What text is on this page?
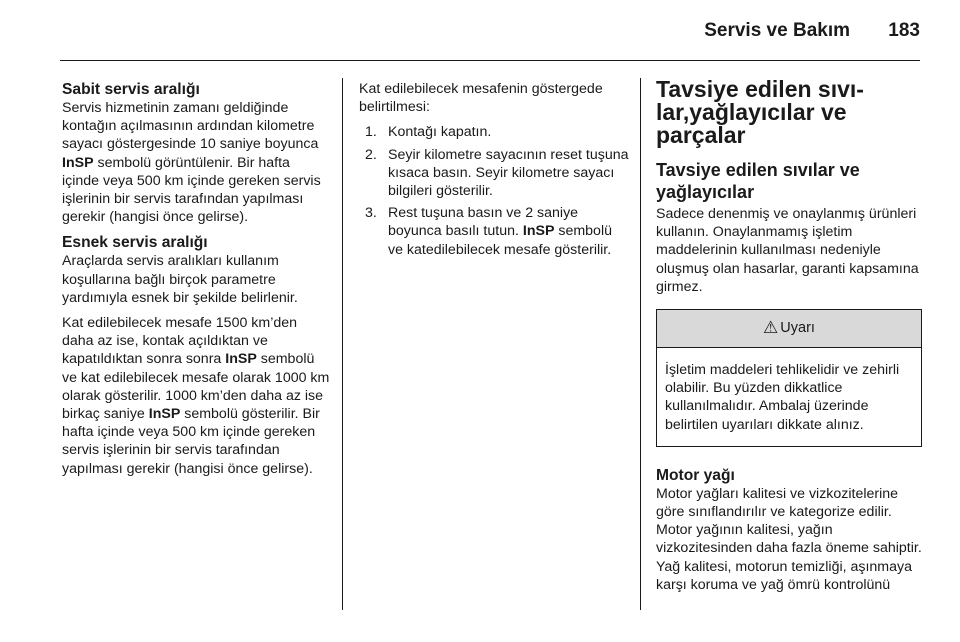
Servis ve Bakım	183

Sabit servis aralığı

Servis hizmetinin zamanı geldiğinde kontağın açılmasının ardından kilometre sayacı göstergesinde 10 saniye boyunca InSP sembolü görüntülenir. Bir hafta içinde veya 500 km içinde gereken servis işlerinin bir servis tarafından yapılması gerekir (hangisi önce gelirse).

Esnek servis aralığı

Araçlarda servis aralıkları kullanım koşullarına bağlı birçok parametre yardımıyla esnek bir şekilde belirlenir.

Kat edilebilecek mesafe 1500 km’den daha az ise, kontak açıldıktan ve kapatıldıktan sonra sonra InSP sembolü ve kat edilebilecek mesafe olarak 1000 km olarak gösterilir. 1000 km’den daha az ise birkaç saniye InSP sembolü gösterilir. Bir hafta içinde veya 500 km içinde gereken servis işlerinin bir servis tarafından yapılması gerekir (hangisi önce gelirse).

Kat edilebilecek mesafenin göstergede belirtilmesi:

1. Kontağı kapatın.
2. Seyir kilometre sayacının reset tuşuna kısaca basın. Seyir kilometre sayacı bilgileri gösterilir.
3. Rest tuşuna basın ve 2 saniye boyunca basılı tutun. InSP sembolü ve katedilebilecek mesafe gösterilir.

Tavsiye edilen sıvı-lar,yağlayıcılar ve parçalar

Tavsiye edilen sıvılar ve yağlayıcılar

Sadece denenmiş ve onaylanmış ürünleri kullanın. Onaylanmamış işletim maddelerinin kullanılması nedeniyle oluşmuş olan hasarlar, garanti kapsamına girmez.

⚠ Uyarı
İşletim maddeleri tehlikelidir ve zehirli olabilir. Bu yüzden dikkatlice kullanılmalıdır. Ambalaj üzerinde belirtilen uyarıları dikkate alınız.

Motor yağı

Motor yağları kalitesi ve vizkozitelerine göre sınıflandırılır ve kategorize edilir. Motor yağının kalitesi, yağın vizkozitesinden daha fazla öneme sahiptir. Yağ kalitesi, motorun temizliği, aşınmaya karşı koruma ve yağ ömrü kontrolünü
